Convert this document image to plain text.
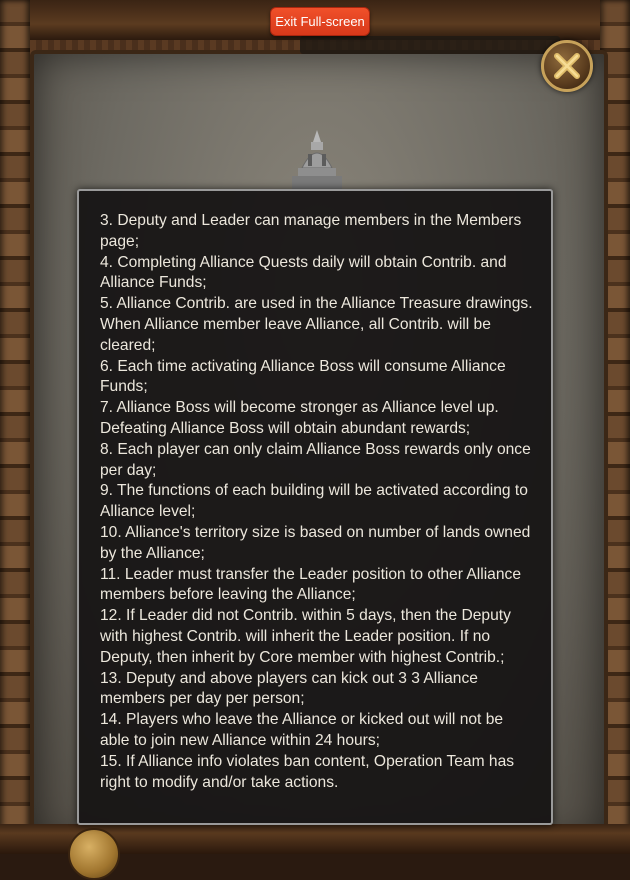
Exit Full-screen
3. Deputy and Leader can manage members in the Members page;
4. Completing Alliance Quests daily will obtain Contrib. and Alliance Funds;
5. Alliance Contrib. are used in the Alliance Treasure drawings. When Alliance member leave Alliance, all Contrib. will be cleared;
6. Each time activating Alliance Boss will consume Alliance Funds;
7. Alliance Boss will become stronger as Alliance level up. Defeating Alliance Boss will obtain abundant rewards;
8. Each player can only claim Alliance Boss rewards only once per day;
9. The functions of each building will be activated according to Alliance level;
10. Alliance's territory size is based on number of lands owned by the Alliance;
11. Leader must transfer the Leader position to other Alliance members before leaving the Alliance;
12. If Leader did not Contrib. within 5 days, then the Deputy with highest Contrib. will inherit the Leader position. If no Deputy, then inherit by Core member with highest Contrib.;
13. Deputy and above players can kick out 3 3 Alliance members per day per person;
14. Players who leave the Alliance or kicked out will not be able to join new Alliance within 24 hours;
15. If Alliance info violates ban content, Operation Team has right to modify and/or take actions.
